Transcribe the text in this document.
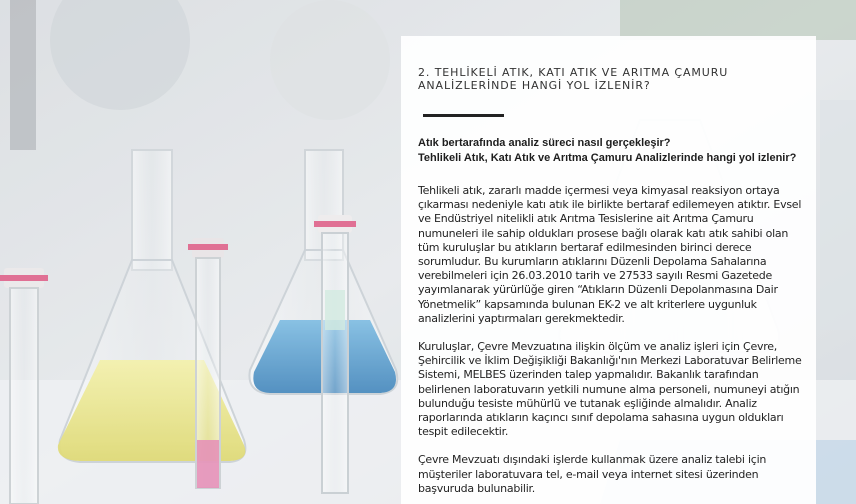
2. TEHLİKELİ ATIK, KATI ATIK VE ARITMA ÇAMURU
ANALİZLERİNDE HANGİ YOL İZLENİR?
Atık bertarafında analiz süreci nasıl gerçekleşir?
Tehlikeli Atık, Katı Atık ve Arıtma Çamuru Analizlerinde hangi yol izlenir?

Tehlikeli atık, zararlı madde içermesi veya kimyasal reaksiyon ortaya çıkarması nedeniyle katı atık ile birlikte bertaraf edilemeyen atıktır. Evsel ve Endüstriyel nitelikli atık Arıtma Tesislerine ait Arıtma Çamuru numuneleri ile sahip oldukları prosese bağlı olarak katı atık sahibi olan tüm kuruluşlar bu atıkların bertaraf edilmesinden birinci derece sorumludur. Bu kurumların atıklarını Düzenli Depolama Sahalarına verebilmeleri için 26.03.2010 tarih ve 27533 sayılı Resmi Gazetede yayımlanarak yürürlüğe giren “Atıkların Düzenli Depolanmasına Dair Yönetmelik” kapsamında bulunan EK-2 ve alt kriterlere uygunluk analizlerini yaptırmaları gerekmektedir.

Kuruluşlar, Çevre Mevzuatına ilişkin ölçüm ve analiz işleri için Çevre, Şehircilik ve İklim Değişikliği Bakanlığı'nın Merkezi Laboratuvar Belirleme Sistemi, MELBES üzerinden talep yapmalıdır. Bakanlık tarafından belirlenen laboratuvarın yetkili numune alma personeli, numuneyi atığın bulunduğu tesiste mühürlü ve tutanak eşliğinde almalıdır. Analiz raporlarında atıkların kaçıncı sınıf depolama sahasına uygun oldukları tespit edilecektir.

Çevre Mevzuatı dışındaki işlerde kullanmak üzere analiz talebi için müşteriler laboratuvara tel, e-mail veya internet sitesi üzerinden başvuruda bulunabilir.
